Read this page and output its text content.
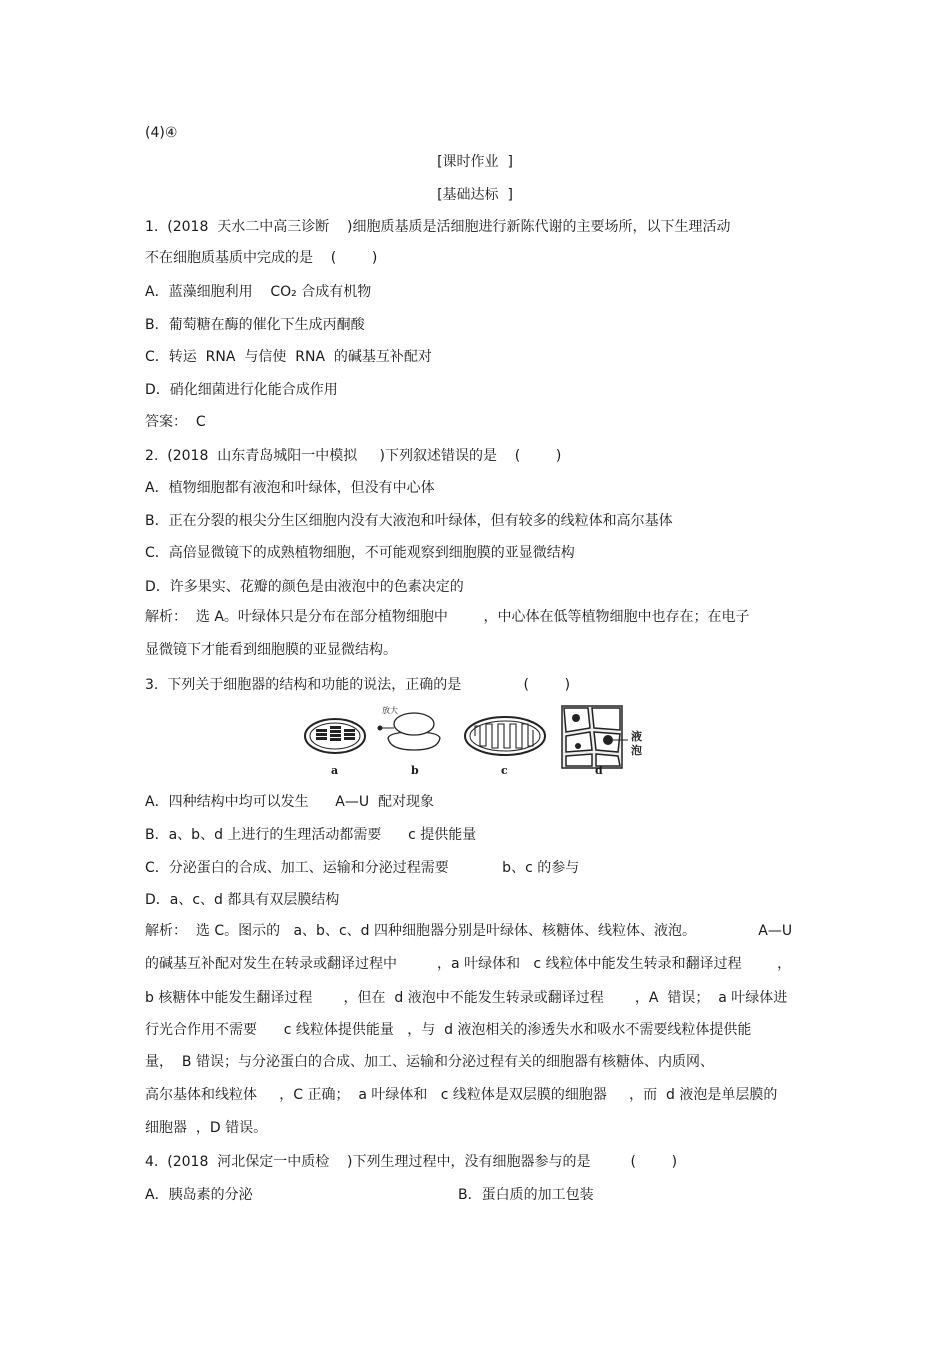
(4)④
[课时作业  ]
[基础达标  ]
1.  (2018  天水二中高三诊断    )细胞质基质是活细胞进行新陈代谢的主要场所，以下生理活动
不在细胞质基质中完成的是    (        )
A．蓝藻细胞利用    CO₂ 合成有机物
B．葡萄糖在酶的催化下生成丙酮酸
C．转运  RNA  与信使  RNA  的碱基互补配对
D．硝化细菌进行化能合成作用
答案：  C
2.  (2018  山东青岛城阳一中模拟     )下列叙述错误的是    (        )
A．植物细胞都有液泡和叶绿体，但没有中心体
B．正在分裂的根尖分生区细胞内没有大液泡和叶绿体，但有较多的线粒体和高尔基体
C．高倍显微镜下的成熟植物细胞，不可能观察到细胞膜的亚显微结构
D．许多果实、花瓣的颜色是由液泡中的色素决定的
解析：  选 A。叶绿体只是分布在部分植物细胞中        ，中心体在低等植物细胞中也存在；在电子
显微镜下才能看到细胞膜的亚显微结构。
3.  下列关于细胞器的结构和功能的说法，正确的是              (        )
放大
液
泡
a	b	c	d
A．四种结构中均可以发生      A—U  配对现象
B．a、b、d 上进行的生理活动都需要      c 提供能量
C．分泌蛋白的合成、加工、运输和分泌过程需要            b、c 的参与
D．a、c、d 都具有双层膜结构
解析：  选 C。图示的   a、b、c、d 四种细胞器分别是叶绿体、核糖体、线粒体、液泡。              A—U
的碱基互补配对发生在转录或翻译过程中         ，a 叶绿体和   c 线粒体中能发生转录和翻译过程        ，
b 核糖体中能发生翻译过程       ，但在  d 液泡中不能发生转录或翻译过程       ，A  错误；  a 叶绿体进
行光合作用不需要      c 线粒体提供能量   ，与  d 液泡相关的渗透失水和吸水不需要线粒体提供能
量，  B 错误；与分泌蛋白的合成、加工、运输和分泌过程有关的细胞器有核糖体、内质网、
高尔基体和线粒体     ，C 正确；  a 叶绿体和   c 线粒体是双层膜的细胞器     ，而  d 液泡是单层膜的
细胞器  ，D 错误。
4.  (2018  河北保定一中质检    )下列生理过程中，没有细胞器参与的是         (        )
A．胰岛素的分泌	B．蛋白质的加工包装
